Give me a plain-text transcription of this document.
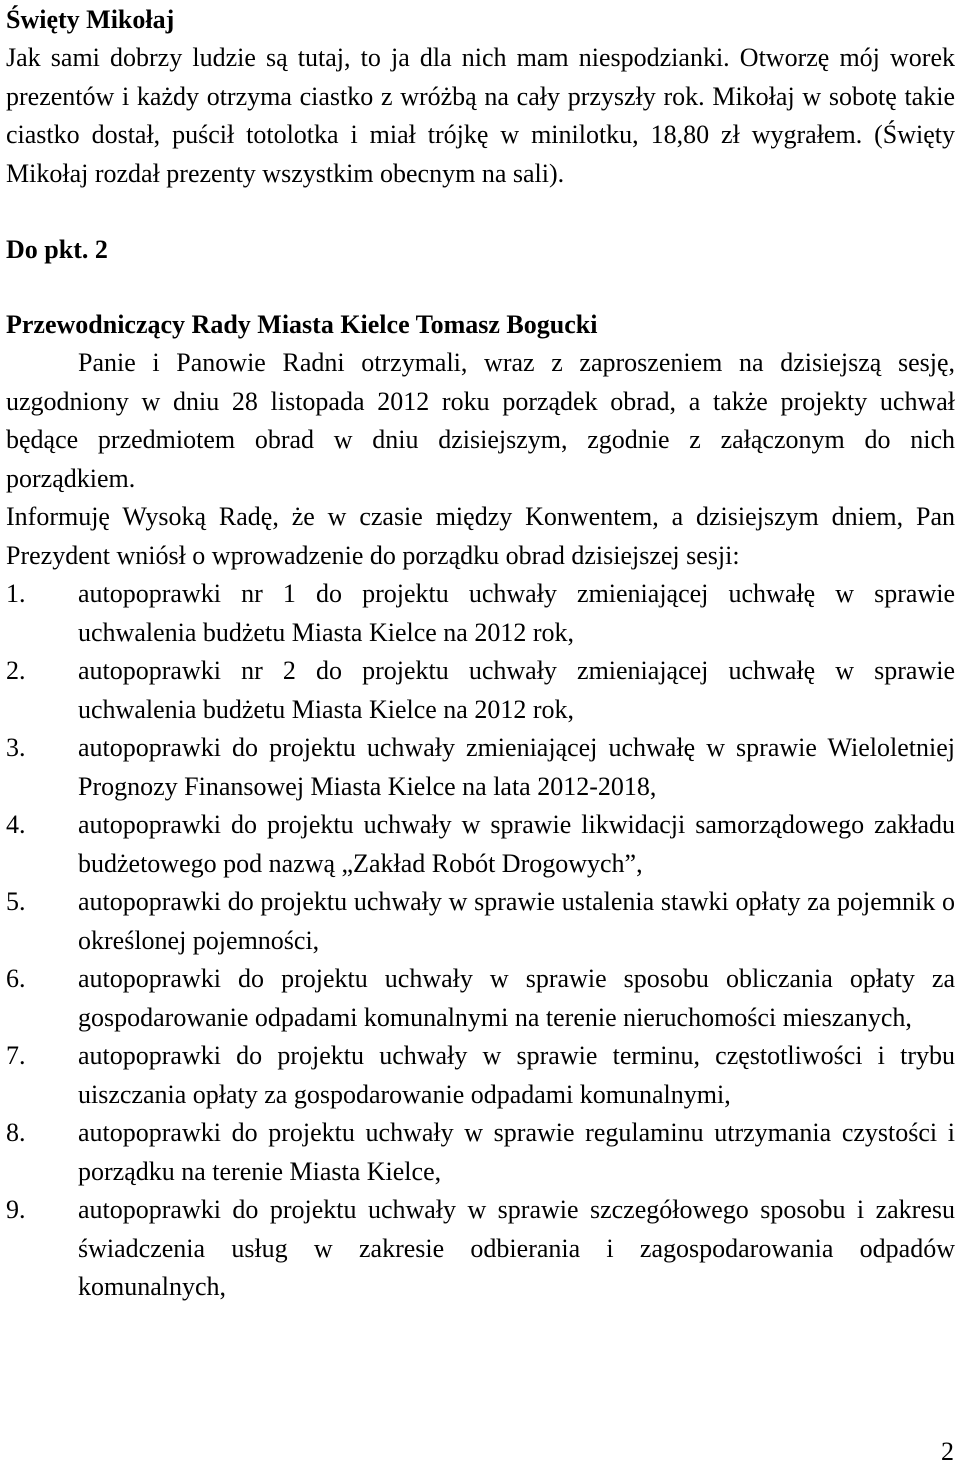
Święty Mikołaj

Jak sami dobrzy ludzie są tutaj, to ja dla nich mam niespodzianki. Otworzę mój worek prezentów i każdy otrzyma ciastko z wróżbą na cały przyszły rok. Mikołaj w sobotę takie ciastko dostał, puścił totolotka i miał trójkę w minilotku, 18,80 zł wygrałem. (Święty Mikołaj rozdał prezenty wszystkim obecnym na sali).

Do pkt. 2
Przewodniczący Rady Miasta Kielce Tomasz Bogucki

Panie i Panowie Radni otrzymali, wraz z zaproszeniem na dzisiejszą sesję, uzgodniony w dniu 28 listopada 2012 roku porządek obrad, a także projekty uchwał będące przedmiotem obrad w dniu dzisiejszym, zgodnie z załączonym do nich porządkiem.

Informuję Wysoką Radę, że w czasie między Konwentem, a dzisiejszym dniem, Pan Prezydent wniósł o wprowadzenie do porządku obrad dzisiejszej sesji:

1.	autopoprawki nr 1 do projektu uchwały zmieniającej uchwałę w sprawie uchwalenia budżetu Miasta Kielce na 2012 rok,
2.	autopoprawki nr 2 do projektu uchwały zmieniającej uchwałę w sprawie uchwalenia budżetu Miasta Kielce na 2012 rok,
3.	autopoprawki do projektu uchwały zmieniającej uchwałę w sprawie Wieloletniej Prognozy Finansowej Miasta Kielce na lata 2012-2018,
4.	autopoprawki do projektu uchwały w sprawie likwidacji samorządowego zakładu budżetowego pod nazwą „Zakład Robót Drogowych”,
5.	autopoprawki do projektu uchwały w sprawie ustalenia stawki opłaty za pojemnik o określonej pojemności,
6.	autopoprawki do projektu uchwały w sprawie sposobu obliczania opłaty za gospodarowanie odpadami komunalnymi na terenie nieruchomości mieszanych,
7.	autopoprawki do projektu uchwały w sprawie terminu, częstotliwości i trybu uiszczania opłaty za gospodarowanie odpadami komunalnymi,
8.	autopoprawki do projektu uchwały w sprawie regulaminu utrzymania czystości i porządku na terenie Miasta Kielce,
9.	autopoprawki do projektu uchwały w sprawie szczegółowego sposobu i zakresu świadczenia usług w zakresie odbierania i zagospodarowania odpadów komunalnych,
2
